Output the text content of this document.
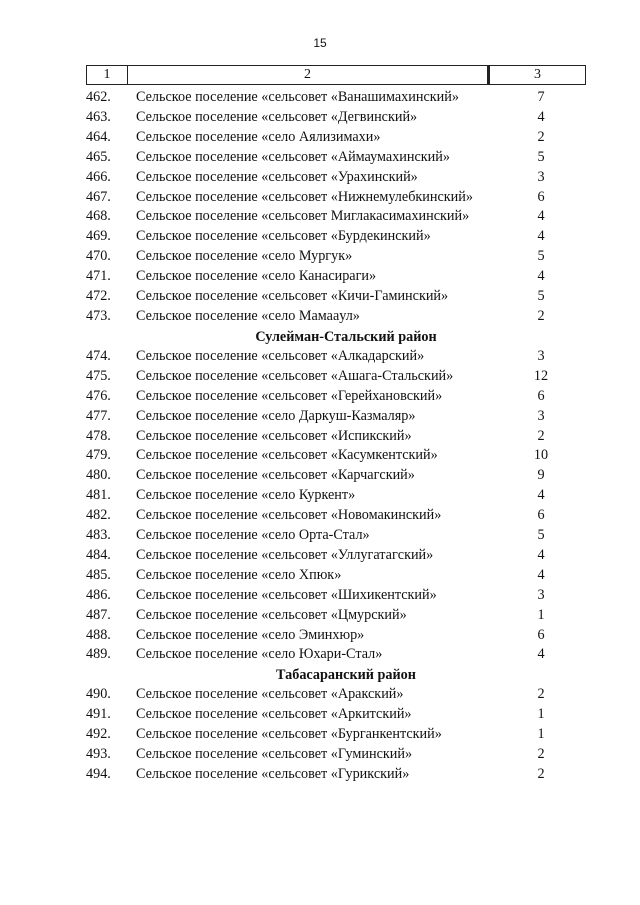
15
1	2	3
462.	Сельское поселение «сельсовет «Ванашимахинский»	7
463.	Сельское поселение «сельсовет «Дегвинский»	4
464.	Сельское поселение «село Аялизимахи»	2
465.	Сельское поселение «сельсовет «Аймаумахинский»	5
466.	Сельское поселение «сельсовет «Урахинский»	3
467.	Сельское поселение «сельсовет «Нижнемулебкинский»	6
468.	Сельское поселение «сельсовет Миглакасимахинский»	4
469.	Сельское поселение «сельсовет «Бурдекинский»	4
470.	Сельское поселение «село Мургук»	5
471.	Сельское поселение «село Канасираги»	4
472.	Сельское поселение «сельсовет «Кичи-Гаминский»	5
473.	Сельское поселение «село Мамаaул»	2
Сулейман-Стальский район
474.	Сельское поселение «сельсовет «Алкадарский»	3
475.	Сельское поселение «сельсовет «Ашага-Стальский»	12
476.	Сельское поселение «сельсовет «Герейхановский»	6
477.	Сельское поселение «село Даркуш-Казмаляр»	3
478.	Сельское поселение «сельсовет «Испикский»	2
479.	Сельское поселение «сельсовет «Касумкентский»	10
480.	Сельское поселение «сельсовет «Карчагский»	9
481.	Сельское поселение «село Куркент»	4
482.	Сельское поселение «сельсовет «Новомакинский»	6
483.	Сельское поселение «село Орта-Стал»	5
484.	Сельское поселение «сельсовет «Уллугатагский»	4
485.	Сельское поселение «село Хпюк»	4
486.	Сельское поселение «сельсовет «Шихикентский»	3
487.	Сельское поселение «сельсовет «Цмурский»	1
488.	Сельское поселение «село Эминхюр»	6
489.	Сельское поселение «село Юхари-Стал»	4
Табасаранский район
490.	Сельское поселение «сельсовет «Аракский»	2
491.	Сельское поселение «сельсовет «Аркитский»	1
492.	Сельское поселение «сельсовет «Бурганкентский»	1
493.	Сельское поселение «сельсовет «Гуминский»	2
494.	Сельское поселение «сельсовет «Гурикский»	2
